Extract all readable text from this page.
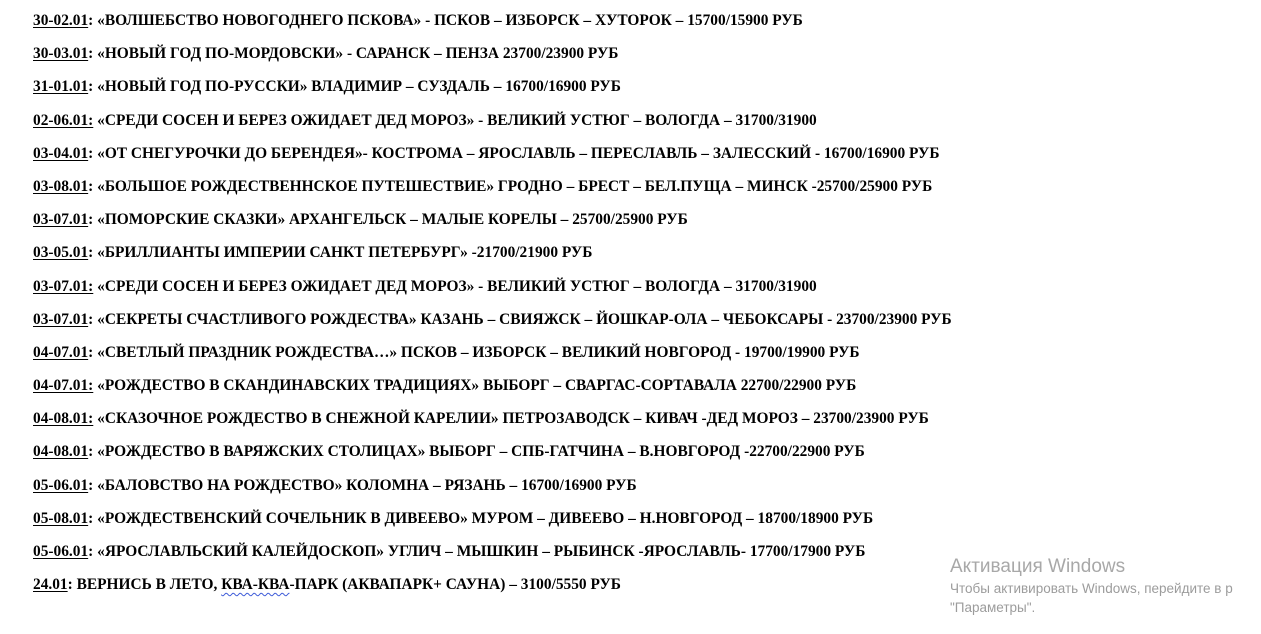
30-02.01: «ВОЛШЕБСТВО НОВОГОДНЕГО ПСКОВА» - ПСКОВ – ИЗБОРСК – ХУТОРОК – 15700/15900 РУБ
30-03.01: «НОВЫЙ ГОД ПО-МОРДОВСКИ» - САРАНСК – ПЕНЗА 23700/23900 РУБ
31-01.01: «НОВЫЙ ГОД ПО-РУССКИ» ВЛАДИМИР – СУЗДАЛЬ – 16700/16900 РУБ
02-06.01: «СРЕДИ СОСЕН И БЕРЕЗ ОЖИДАЕТ ДЕД МОРОЗ» - ВЕЛИКИЙ УСТЮГ – ВОЛОГДА – 31700/31900
03-04.01: «ОТ СНЕГУРОЧКИ ДО БЕРЕНДЕЯ»- КОСТРОМА – ЯРОСЛАВЛЬ – ПЕРЕСЛАВЛЬ – ЗАЛЕССКИЙ - 16700/16900 РУБ
03-08.01: «БОЛЬШОЕ РОЖДЕСТВЕННСКОЕ ПУТЕШЕСТВИЕ» ГРОДНО – БРЕСТ – БЕЛ.ПУЩА – МИНСК -25700/25900 РУБ
03-07.01: «ПОМОРСКИЕ СКАЗКИ» АРХАНГЕЛЬСК – МАЛЫЕ КОРЕЛЫ – 25700/25900 РУБ
03-05.01: «БРИЛЛИАНТЫ ИМПЕРИИ САНКТ ПЕТЕРБУРГ» -21700/21900 РУБ
03-07.01: «СРЕДИ СОСЕН И БЕРЕЗ ОЖИДАЕТ ДЕД МОРОЗ» - ВЕЛИКИЙ УСТЮГ – ВОЛОГДА – 31700/31900
03-07.01: «СЕКРЕТЫ СЧАСТЛИВОГО РОЖДЕСТВА» КАЗАНЬ – СВИЯЖСК – ЙОШКАР-ОЛА – ЧЕБОКСАРЫ - 23700/23900 РУБ
04-07.01: «СВЕТЛЫЙ ПРАЗДНИК РОЖДЕСТВА…» ПСКОВ – ИЗБОРСК – ВЕЛИКИЙ НОВГОРОД - 19700/19900 РУБ
04-07.01: «РОЖДЕСТВО В СКАНДИНАВСКИХ ТРАДИЦИЯХ» ВЫБОРГ – СВАРГАС-СОРТАВАЛА 22700/22900 РУБ
04-08.01: «СКАЗОЧНОЕ РОЖДЕСТВО В СНЕЖНОЙ КАРЕЛИИ» ПЕТРОЗАВОДСК – КИВАЧ -ДЕД МОРОЗ – 23700/23900 РУБ
04-08.01: «РОЖДЕСТВО В ВАРЯЖСКИХ СТОЛИЦАХ» ВЫБОРГ – СПБ-ГАТЧИНА – В.НОВГОРОД -22700/22900 РУБ
05-06.01: «БАЛОВСТВО НА РОЖДЕСТВО» КОЛОМНА – РЯЗАНЬ – 16700/16900 РУБ
05-08.01: «РОЖДЕСТВЕНСКИЙ СОЧЕЛЬНИК В ДИВЕЕВО» МУРОМ – ДИВЕЕВО – Н.НОВГОРОД – 18700/18900 РУБ
05-06.01: «ЯРОСЛАВЛЬСКИЙ КАЛЕЙДОСКОП» УГЛИЧ – МЫШКИН – РЫБИНСК -ЯРОСЛАВЛЬ- 17700/17900 РУБ
24.01: ВЕРНИСЬ В ЛЕТО, КВА-КВА-ПАРК (АКВАПАРК+ САУНА) – 3100/5550 РУБ
Активация Windows
Чтобы активировать Windows, перейдите в р
"Параметры".
